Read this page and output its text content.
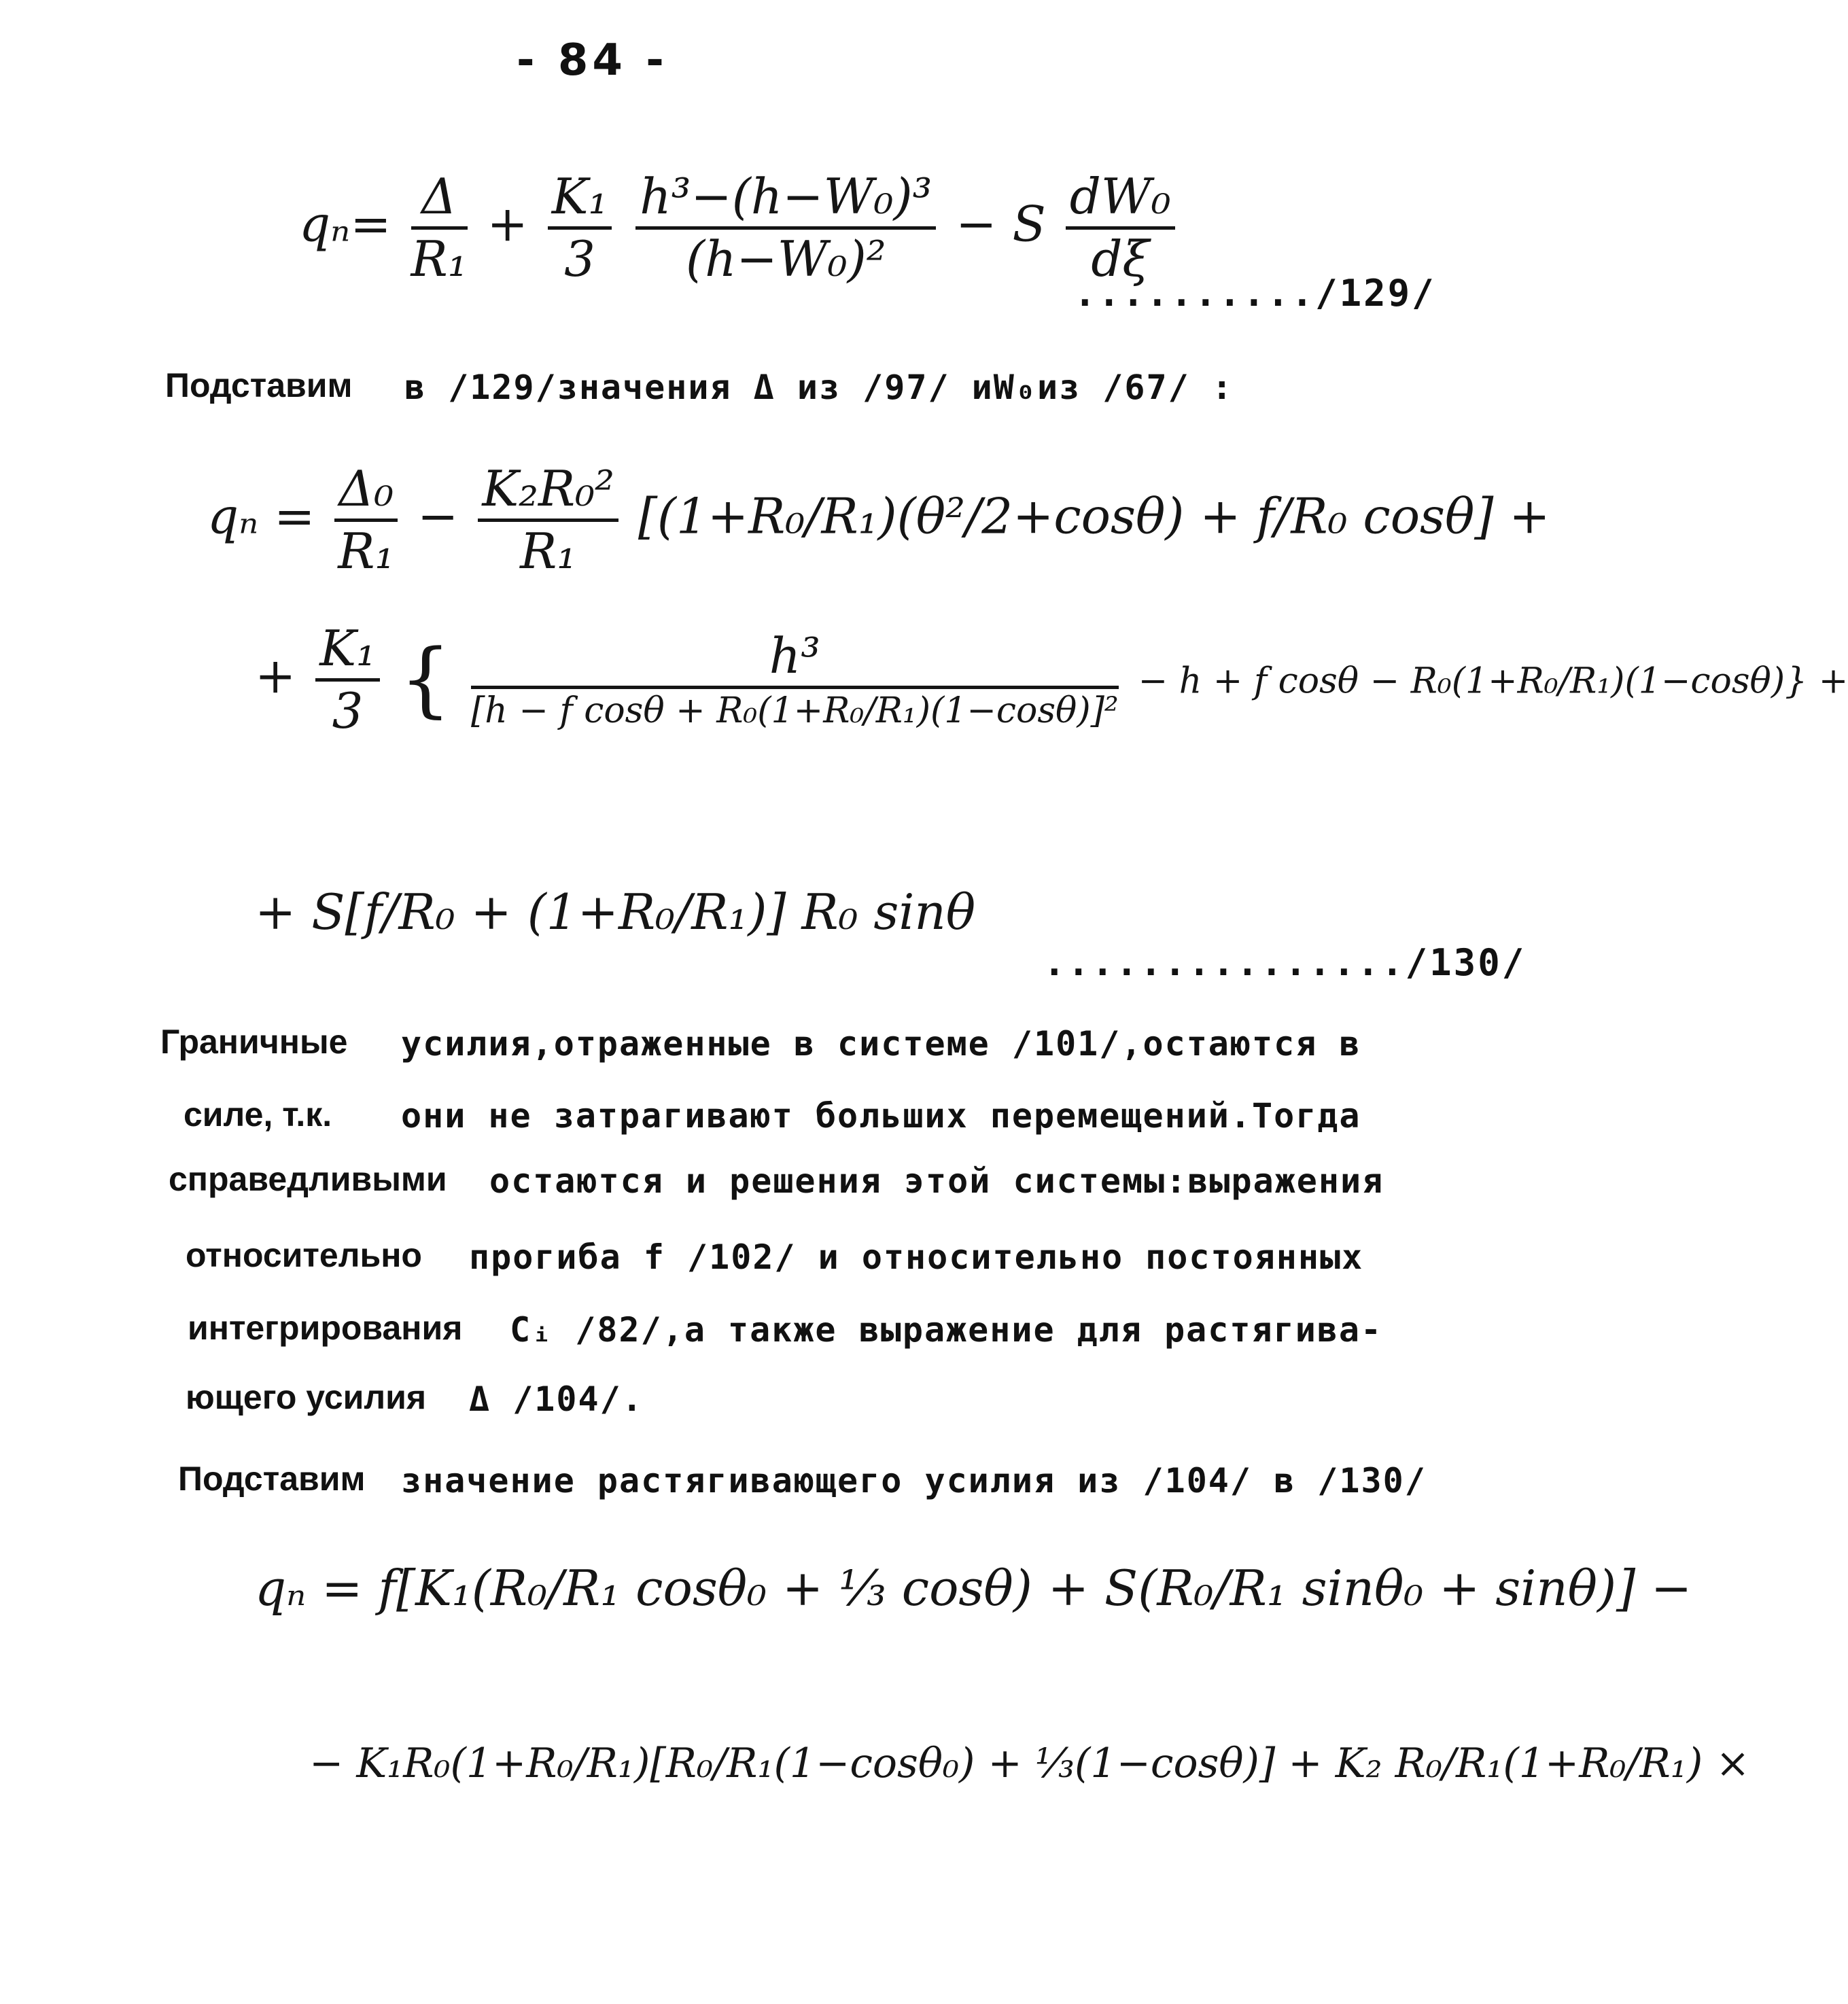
- 84 -
$q_n= \frac{\Delta}{\text{R₁}} + \frac{\text{K₁}}{3}$
$\frac{\text{h³−(h−W₀)³}}{\text{(h−W₀)²}} - S \frac{\text{dW₀}}{d\xi}$
........../129/
Подставим в /129/значения Δ из /97/ иW₀из /67/ :
$q_n = \frac{\text{Δ₀}}{\text{R₁}} - \frac{\text{K₂R₀²}}{\text{R₁}} [(1+R_0/R_1)(\theta^2/2+\cos\theta) + f/R_0$ cosθ] +
+ $\frac{\text{K₁}}{3}$ { $\frac{\text{h³}}{\text{[h − f cosθ + R₀(1+R₀/R₁)(1−cosθ)]²}} - h + f$ cosθ − R₀(1+R₀/R₁)(1−cosθ)} +
+ S[f/R₀ + (1+R₀/R₁)] R₀ sinθ
.............../130/
Граничные усилия,отраженные в системе /101/,остаются в
силе, т.к. они не затрагивают больших перемещений.Тогда
справедливыми остаются и решения этой системы:выражения
относительно прогиба f /102/ и относительно постоянных
интегрирования Cᵢ /82/,а также выражение для растягива-
ющего усилия Δ /104/.
Подставим значение растягивающего усилия из /104/ в /130/
qₙ = f[K₁(R₀/R₁ cosθ₀ + ⅓ cosθ) + S(R₀/R₁ sinθ₀ + sinθ)] −
− K₁R₀(1+R₀/R₁)[R₀/R₁(1−cosθ₀) + ⅓(1−cosθ)] + K₂ R₀/R₁(1+R₀/R₁) ×
